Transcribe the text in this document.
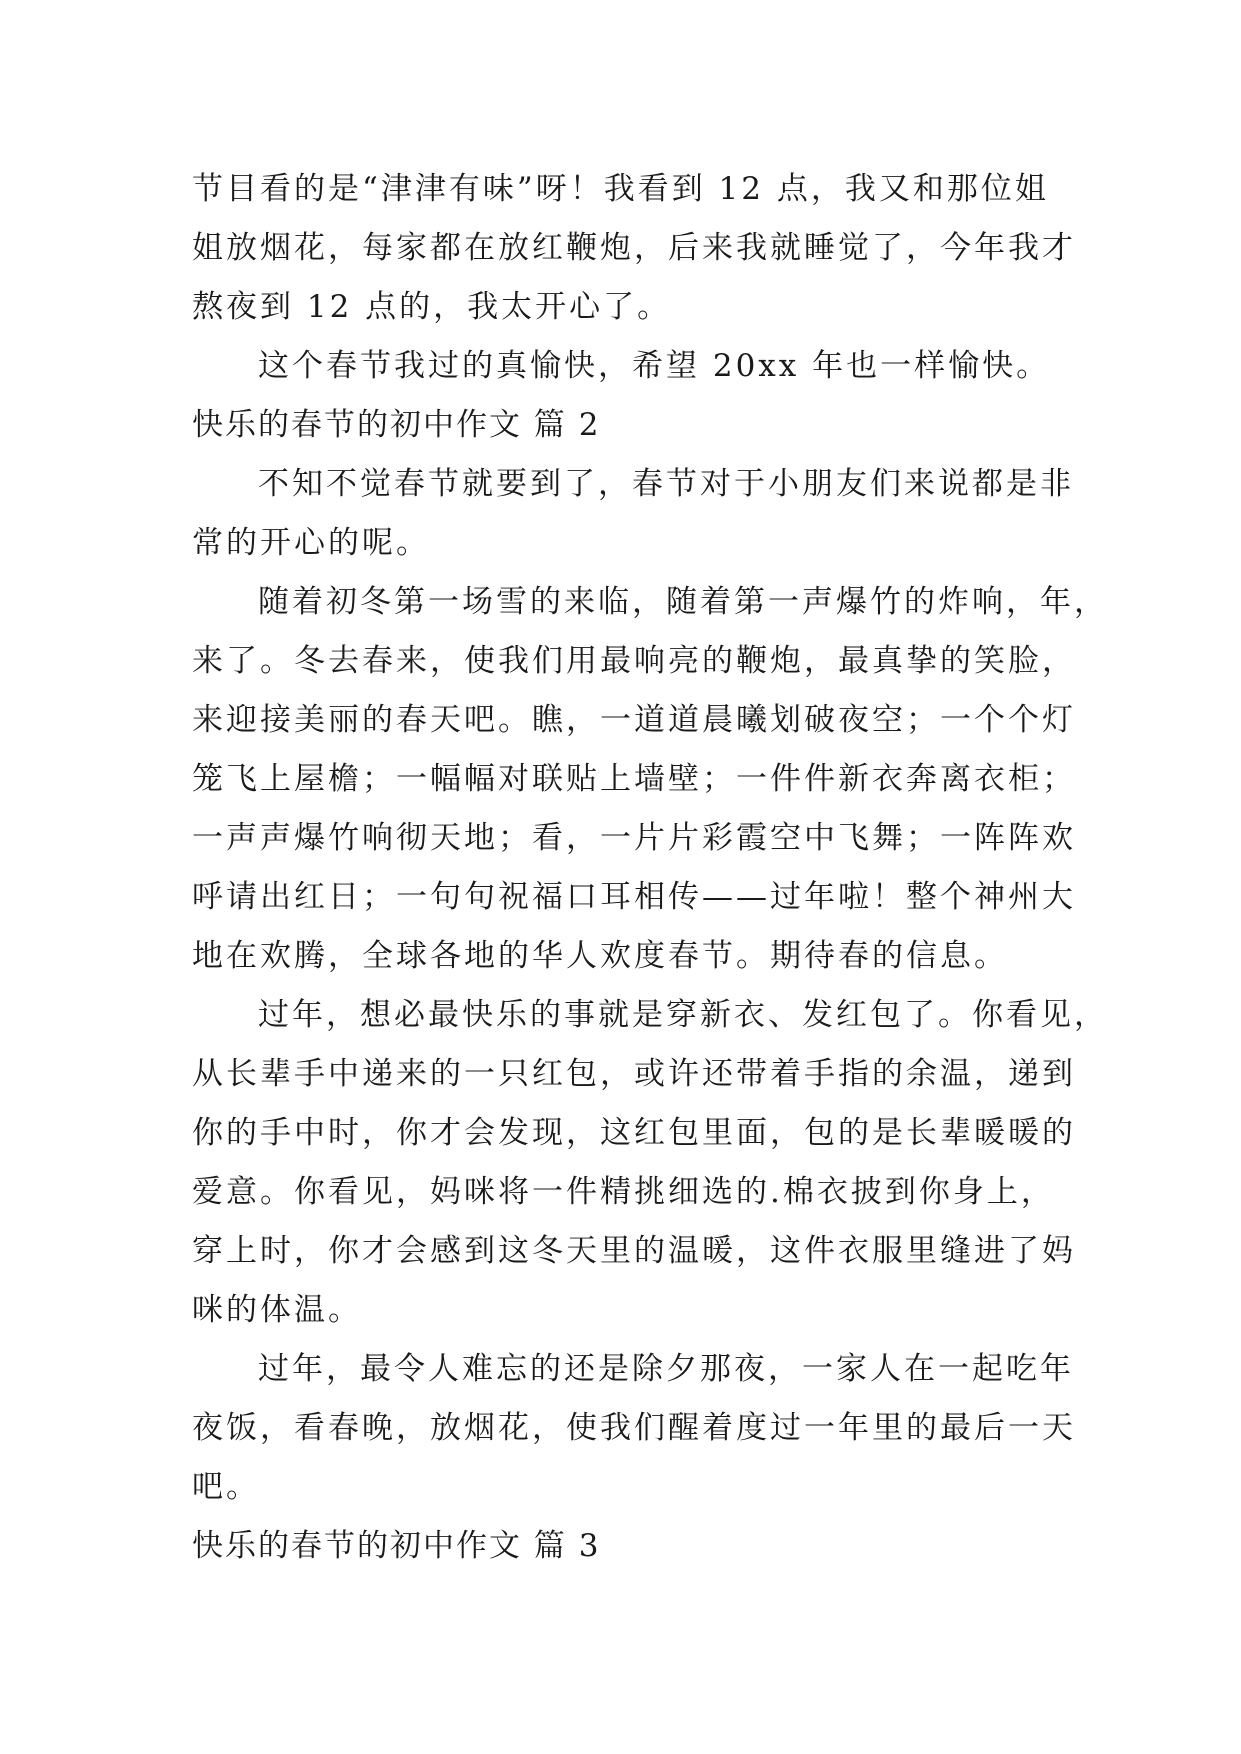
节目看的是“津津有味”呀！我看到 12 点，我又和那位姐
姐放烟花，每家都在放红鞭炮，后来我就睡觉了，今年我才
熬夜到 12 点的，我太开心了。
这个春节我过的真愉快，希望 20xx 年也一样愉快。
快乐的春节的初中作文 篇 2
不知不觉春节就要到了，春节对于小朋友们来说都是非
常的开心的呢。
随着初冬第一场雪的来临，随着第一声爆竹的炸响，年，
来了。冬去春来，使我们用最响亮的鞭炮，最真挚的笑脸，
来迎接美丽的春天吧。瞧，一道道晨曦划破夜空；一个个灯
笼飞上屋檐；一幅幅对联贴上墙壁；一件件新衣奔离衣柜；
一声声爆竹响彻天地；看，一片片彩霞空中飞舞；一阵阵欢
呼请出红日；一句句祝福口耳相传——过年啦！整个神州大
地在欢腾，全球各地的华人欢度春节。期待春的信息。
过年，想必最快乐的事就是穿新衣、发红包了。你看见，
从长辈手中递来的一只红包，或许还带着手指的余温，递到
你的手中时，你才会发现，这红包里面，包的是长辈暖暖的
爱意。你看见，妈咪将一件精挑细选的.棉衣披到你身上，
穿上时，你才会感到这冬天里的温暖，这件衣服里缝进了妈
咪的体温。
过年，最令人难忘的还是除夕那夜，一家人在一起吃年
夜饭，看春晚，放烟花，使我们醒着度过一年里的最后一天
吧。
快乐的春节的初中作文 篇 3
